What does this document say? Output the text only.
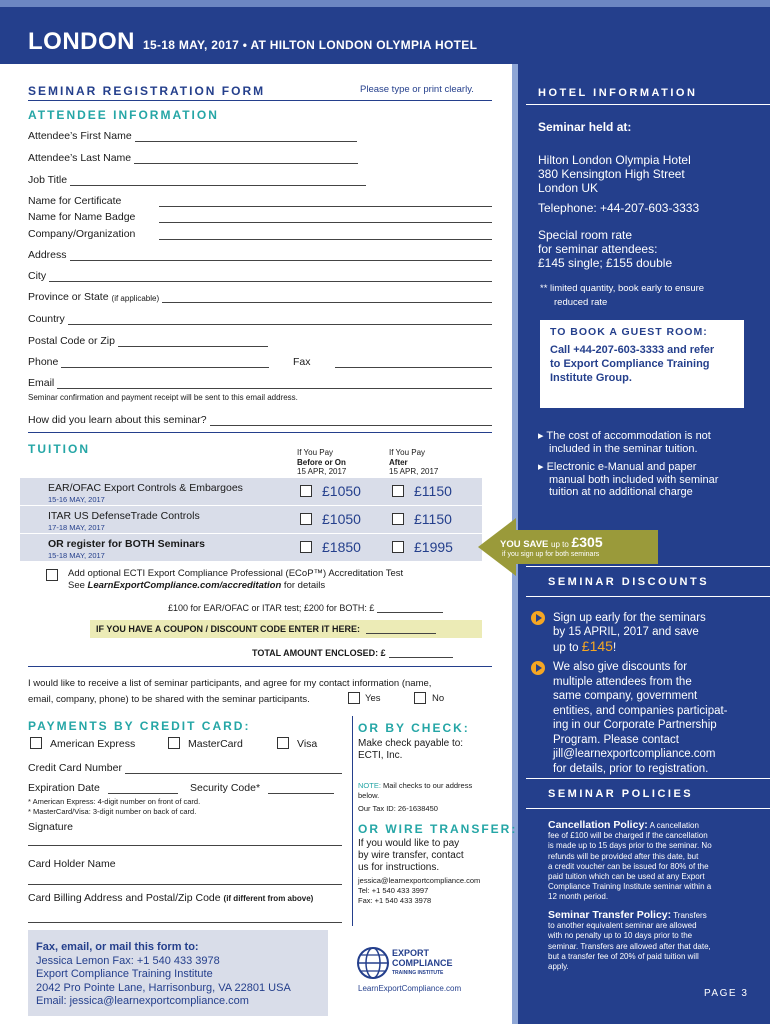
LONDON 15-18 MAY, 2017 • AT HILTON LONDON OLYMPIA HOTEL
SEMINAR REGISTRATION FORM	Please type or print clearly.
ATTENDEE INFORMATION
Attendee’s First Name
Attendee’s Last Name
Job Title
Name for Certificate
Name for Name Badge
Company/Organization
Address
City
Province or State (if applicable)
Country
Postal Code or Zip
Phone	Fax
Email
Seminar confirmation and payment receipt will be sent to this email address.
How did you learn about this seminar?
TUITION	If You Pay
Before or On
15 APR, 2017
If You Pay
After
15 APR, 2017
EAR/OFAC Export Controls & Embargoes
15-16 MAY, 2017
£1050	£1150
ITAR US DefenseTrade Controls
17-18 MAY, 2017
£1050	£1150
OR register for BOTH Seminars
15-18 MAY, 2017
£1850	£1995	YOU SAVE up to £305
if you sign up for both seminars
Add optional ECTI Export Compliance Professional (ECoP™) Accreditation Test
See LearnExportCompliance.com/accreditation for details
£100 for EAR/OFAC or ITAR test; £200 for BOTH: £
IF YOU HAVE A COUPON / DISCOUNT CODE ENTER IT HERE:
TOTAL AMOUNT ENCLOSED: £
I would like to receive a list of seminar participants, and agree for my contact information (name,
email, company, phone) to be shared with the seminar participants.	Yes	No
PAYMENTS BY CREDIT CARD:
American Express	MasterCard	Visa
Credit Card Number
Expiration Date	Security Code*
* American Express: 4-digit number on front of card.
* MasterCard/Visa: 3-digit number on back of card.
Signature
Card Holder Name
Card Billing Address and Postal/Zip Code (if different from above)
OR BY CHECK:
Make check payable to:
ECTI, Inc.
NOTE: Mail checks to our address
below.
Our Tax ID: 26-1638450
OR WIRE TRANSFER:
If you would like to pay
by wire transfer, contact
us for instructions.
jessica@learnexportcompliance.com
Tel: +1 540 433 3997
Fax: +1 540 433 3978
Fax, email, or mail this form to:
Jessica Lemon Fax: +1 540 433 3978
Export Compliance Training Institute
2042 Pro Pointe Lane, Harrisonburg, VA 22801 USA
Email: jessica@learnexportcompliance.com
EXPORT
COMPLIANCE
TRAINING INSTITUTE
LearnExportCompliance.com
HOTEL INFORMATION
Seminar held at:
Hilton London Olympia Hotel
380 Kensington High Street
London UK
Telephone: +44-207-603-3333
Special room rate
for seminar attendees:
£145 single; £155 double
** limited quantity, book early to ensure
reduced rate
TO BOOK A GUEST ROOM:
Call +44-207-603-3333 and refer
to Export Compliance Training
Institute Group.
▸ The cost of accommodation is not
included in the seminar tuition.
▸ Electronic e-Manual and paper
manual both included with seminar
tuition at no additional charge
SEMINAR DISCOUNTS
Sign up early for the seminars
by 15 APRIL, 2017 and save
up to £145!
We also give discounts for
multiple attendees from the
same company, government
entities, and companies participat-
ing in our Corporate Partnership
Program. Please contact
jill@learnexportcompliance.com
for details, prior to registration.
SEMINAR POLICIES
Cancellation Policy: A cancellation
fee of £100 will be charged if the cancellation
is made up to 15 days prior to the seminar. No
refunds will be provided after this date, but
a credit voucher can be issued for 80% of the
paid tuition which can be used at any Export
Compliance Training Institute seminar within a
12 month period.
Seminar Transfer Policy: Transfers
to another equivalent seminar are allowed
with no penalty up to 10 days prior to the
seminar. Transfers are allowed after that date,
but a transfer fee of 20% of paid tuition will
apply.
PAGE 3
